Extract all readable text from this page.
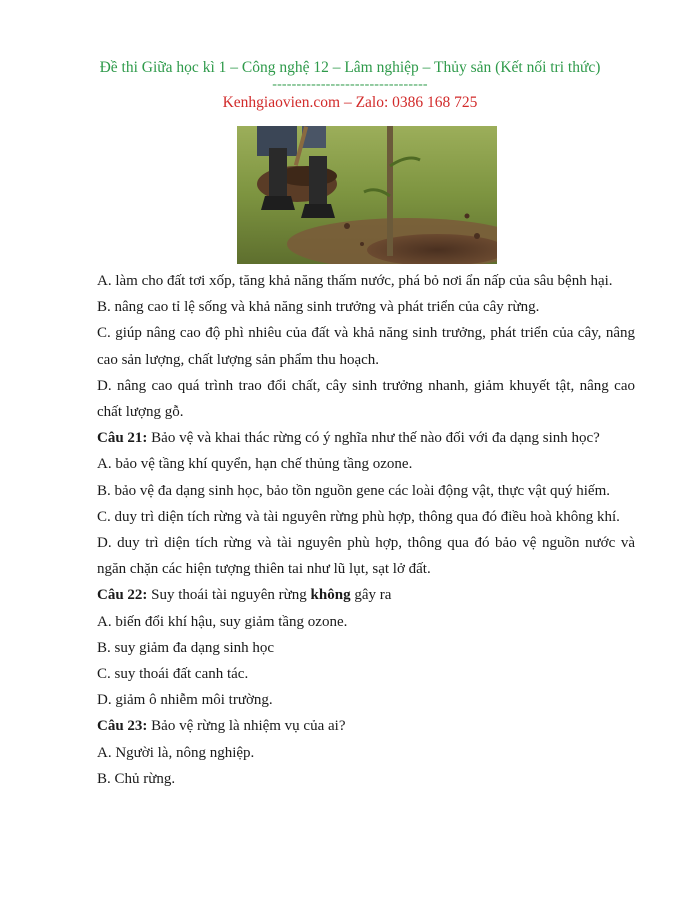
Đề thi Giữa học kì 1 – Công nghệ 12 – Lâm nghiệp – Thủy sản (Kết nối tri thức)

--------------------------------

Kenhgiaovien.com – Zalo: 0386 168 725

A. làm cho đất tơi xốp, tăng khả năng thấm nước, phá bỏ nơi ẩn nấp của sâu bệnh hại.

B. nâng cao tỉ lệ sống và khả năng sinh trưởng và phát triển của cây rừng.

C. giúp nâng cao độ phì nhiêu của đất và khả năng sinh trưởng, phát triển của cây, nâng cao sản lượng, chất lượng sản phẩm thu hoạch.

D. nâng cao quá trình trao đổi chất, cây sinh trưởng nhanh, giảm khuyết tật, nâng cao chất lượng gỗ.

Câu 21: Bảo vệ và khai thác rừng có ý nghĩa như thế nào đối với đa dạng sinh học?

A. bảo vệ tầng khí quyển, hạn chế thủng tầng ozone.

B. bảo vệ đa dạng sinh học, bảo tồn nguồn gene các loài động vật, thực vật quý hiếm.

C. duy trì diện tích rừng và tài nguyên rừng phù hợp, thông qua đó điều hoà không khí.

D. duy trì diện tích rừng và tài nguyên phù hợp, thông qua đó bảo vệ nguồn nước và ngăn chặn các hiện tượng thiên tai như lũ lụt, sạt lở đất.

Câu 22: Suy thoái tài nguyên rừng không gây ra

A. biến đổi khí hậu, suy giảm tầng ozone.

B. suy giảm đa dạng sinh học

C. suy thoái đất canh tác.

D. giảm ô nhiễm môi trường.

Câu 23: Bảo vệ rừng là nhiệm vụ của ai?

A. Người là, nông nghiệp.

B. Chủ rừng.
